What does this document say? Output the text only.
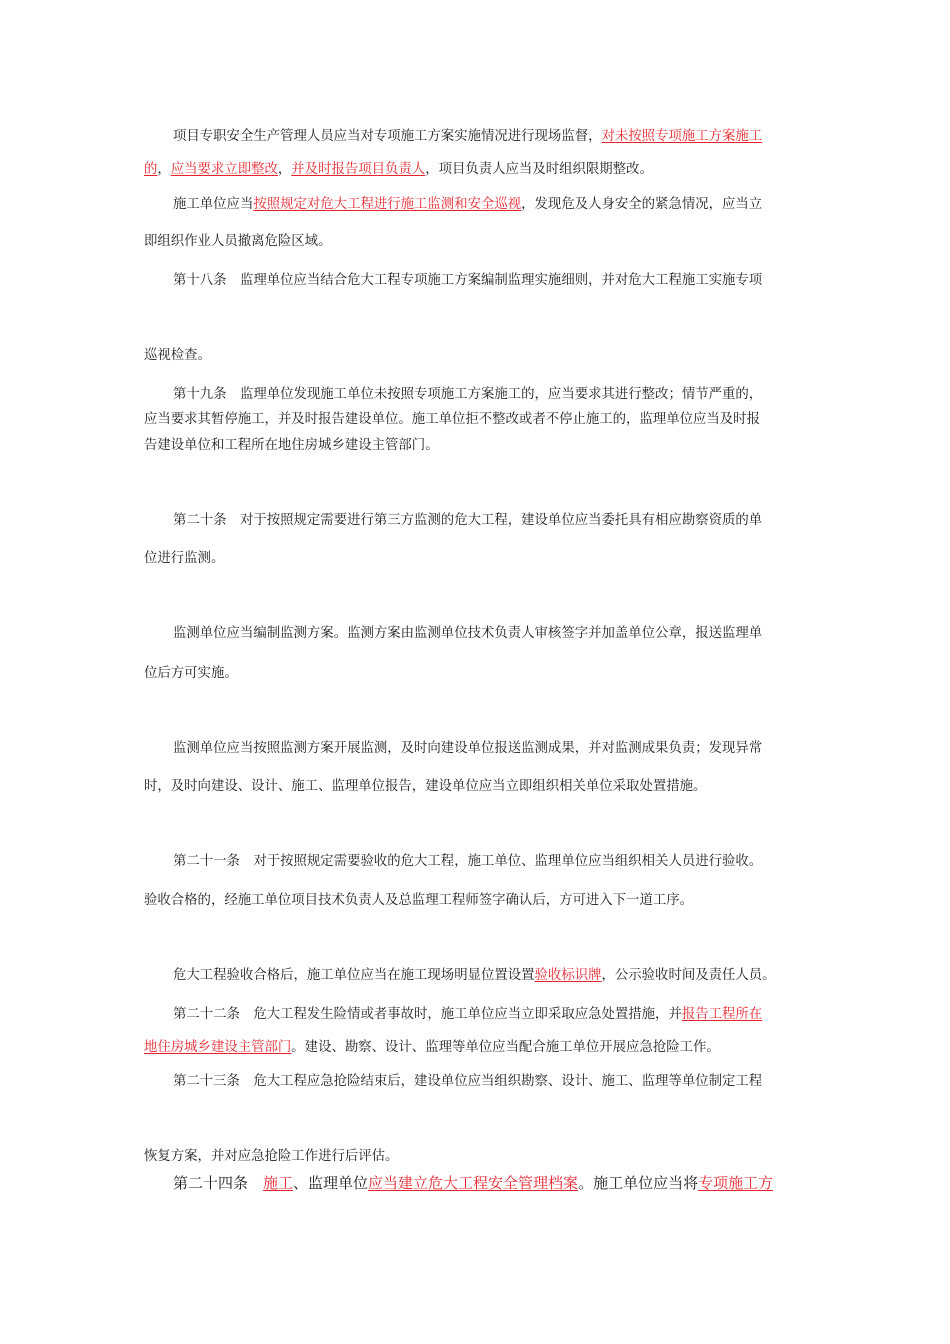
项目专职安全生产管理人员应当对专项施工方案实施情况进行现场监督，对未按照专项施工方案施工
的，应当要求立即整改，并及时报告项目负责人，项目负责人应当及时组织限期整改。
施工单位应当按照规定对危大工程进行施工监测和安全巡视，发现危及人身安全的紧急情况，应当立
即组织作业人员撤离危险区域。
第十八条　监理单位应当结合危大工程专项施工方案编制监理实施细则，并对危大工程施工实施专项
巡视检查。
第十九条　监理单位发现施工单位未按照专项施工方案施工的，应当要求其进行整改；情节严重的，
应当要求其暂停施工，并及时报告建设单位。施工单位拒不整改或者不停止施工的，监理单位应当及时报
告建设单位和工程所在地住房城乡建设主管部门。
第二十条　对于按照规定需要进行第三方监测的危大工程，建设单位应当委托具有相应勘察资质的单
位进行监测。
监测单位应当编制监测方案。监测方案由监测单位技术负责人审核签字并加盖单位公章，报送监理单
位后方可实施。
监测单位应当按照监测方案开展监测，及时向建设单位报送监测成果，并对监测成果负责；发现异常
时，及时向建设、设计、施工、监理单位报告，建设单位应当立即组织相关单位采取处置措施。
第二十一条　对于按照规定需要验收的危大工程，施工单位、监理单位应当组织相关人员进行验收。
验收合格的，经施工单位项目技术负责人及总监理工程师签字确认后，方可进入下一道工序。
危大工程验收合格后，施工单位应当在施工现场明显位置设置验收标识牌，公示验收时间及责任人员。
第二十二条　危大工程发生险情或者事故时，施工单位应当立即采取应急处置措施，并报告工程所在
地住房城乡建设主管部门。建设、勘察、设计、监理等单位应当配合施工单位开展应急抢险工作。
第二十三条　危大工程应急抢险结束后，建设单位应当组织勘察、设计、施工、监理等单位制定工程
恢复方案，并对应急抢险工作进行后评估。
第二十四条　施工、监理单位应当建立危大工程安全管理档案。施工单位应当将专项施工方
